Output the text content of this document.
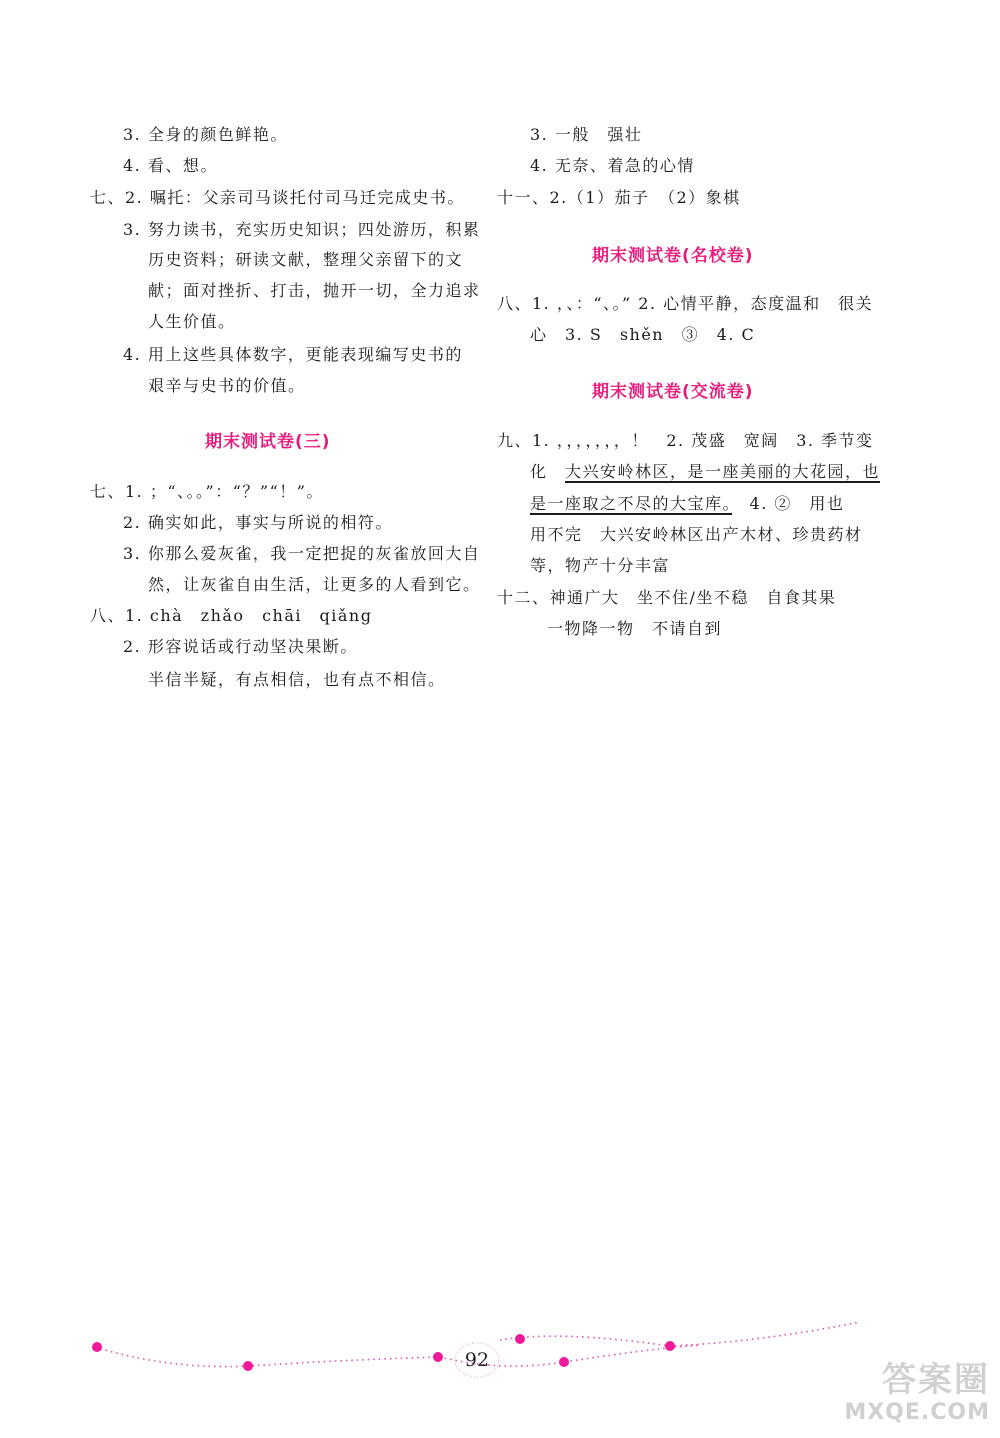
3. 全身的颜色鲜艳。
4. 看、想。
七、2. 嘱托：父亲司马谈托付司马迁完成史书。
3. 努力读书，充实历史知识；四处游历，积累
历史资料；研读文献，整理父亲留下的文
献；面对挫折、打击，抛开一切，全力追求
人生价值。
4. 用上这些具体数字，更能表现编写史书的
艰辛与史书的价值。
期末测试卷(三)
七、1. ；“、。。”：“？”“！”。
2. 确实如此，事实与所说的相符。
3. 你那么爱灰雀，我一定把捉的灰雀放回大自
然，让灰雀自由生活，让更多的人看到它。
八、1. chà　zhǎo　chāi　qiǎng
2. 形容说话或行动坚决果断。
半信半疑，有点相信，也有点不相信。
3. 一般　强壮
4. 无奈、着急的心情
十一、2.（1）茄子　（2）象棋
期末测试卷(名校卷)
八、1. ，、：“、。” 2. 心情平静，态度温和　很关
心　3. S　shěn　③　4. C
期末测试卷(交流卷)
九、1. ，，，，，，，！　2. 茂盛　宽阔　3. 季节变
化　大兴安岭林区，是一座美丽的大花园，也
是一座取之不尽的大宝库。　4. ②　用也
用不完　大兴安岭林区出产木材、珍贵药材
等，物产十分丰富
十二、神通广大　坐不住/坐不稳　自食其果
一物降一物　不请自到
92	答案圈
MXQE.COM
